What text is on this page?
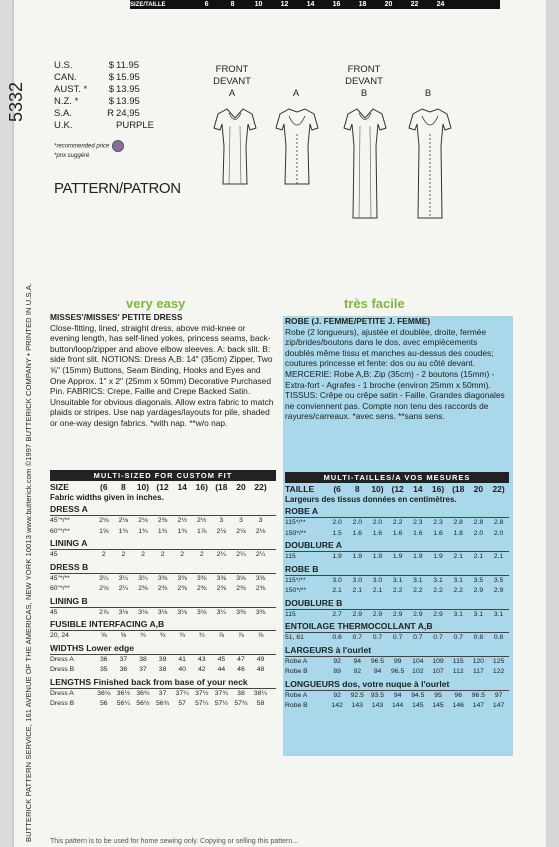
SIZE/TAILLE	6	8	10	12	14	16	18	20	22	24
5332
BUTTERICK PATTERN SERVICE, 161 AVENUE OF THE AMERICAS, NEW YORK 10013 www.butterick.com ©1997 BUTTERICK COMPANY • PRINTED IN U.S.A.
U.S.	$ 11.95
CAN.	$ 15.95
AUST. *	$ 13.95
N.Z. *	$ 13.95
S.A.	R 24,95
U.K.	PURPLE
*recommended price
*pnx suggéré
PATTERN/PATRON
FRONT
DEVANT
A	A
FRONT
DEVANT
B	B
very easy	très facile
MISSES'/MISSES' PETITE DRESS
Close-fitting, lined, straight dress, above mid-knee or evening length, has self-lined yokes, princess seams, back-button/loop/zipper and above elbow sleeves. A: back slit. B: side front slit. NOTIONS: Dress A,B: 14" (35cm) Zipper, Two ⅝" (15mm) Buttons, Seam Binding, Hooks and Eyes and One Approx. 1" x 2" (25mm x 50mm) Decorative Purchased Pin. FABRICS: Crepe, Faille and Crepe Backed Satin. Unsuitable for obvious diagonals. Allow extra fabric to match plaids or stripes. Use nap yardages/layouts for pile, shaded or one-way design fabrics. *with nap. **w/o nap.
ROBE (J. FEMME/PETITE J. FEMME)
Robe (2 longueurs), ajustée et doublée, droite, fermée zip/brides/boutons dans le dos, avec empiècements doublés même tissu et manches au-dessus des coudes; coutures princesse et fente: dos ou au côté devant.
MERCERIE: Robe A,B: Zip (35cm) - 2 boutons (15mm) - Extra-fort - Agrafes - 1 broche (environ 25mm x 50mm).
TISSUS: Crêpe ou crêpe satin - Faille. Grandes diagonales ne conviennent pas. Compte non tenu des raccords de rayures/carreaux. *avec sens. **sans sens.
MULTI-SIZED FOR CUSTOM FIT
SIZE	(6	8	10) (12	14	16) (18	20	22)
Fabric widths given in inches.
DRESS A
45"*/**	2⅛	2⅛	2⅛	2⅜	2½	2½	3	3	3
60"*/**	1⅝	1¾	1¾	1¾	1¾	1⅞	2⅛	2⅛	2⅛
LINING A
45	2	2	2	2	2	2	2¼	2¼	2¼
DRESS B
45"*/**	3¼	3¼	3¼	3⅜	3⅜	3⅜	3⅝	3⅝	3⅝
60"*/**	2⅛	2¼	2⅜	2⅜	2⅜	2⅜	2⅜	2⅜	2⅜
LINING B
45	2⅞	3⅛	3⅛	3⅛	3⅛	3⅛	3¼	3⅜	3⅜
FUSIBLE INTERFACING A,B
20, 24	⅝	⅝	¾	¾	¾	¾	⅞	⅞	⅞
WIDTHS Lower edge
Dress A	36	37	38	39	41	43	45	47	49
Dress B	35	36	37	38	40	42	44	46	48
LENGTHS Finished back from base of your neck
Dress A	36⅛ 36½ 36¾	37	37¼ 37½ 37¾	38	38¼
Dress B	56	56¼ 56½ 56¾	57	57¼ 57½ 57¾	58
MULTI-TAILLES/A VOS MESURES
TAILLE	(6	8	10) (12	14	16) (18	20	22)
Largeurs des tissus données en centimètres.
ROBE A
115*/**	2.0	2.0	2.0	2.2	2.3	2.3	2.8	2.8	2.8
150*/**	1.5	1.6	1.6	1.6	1.6	1.6	1.8	2.0	2.0
DOUBLURE A
115	1.9	1.9	1.9	1.9	1.9	1.9	2.1	2.1	2.1
ROBE B
115*/**	3.0	3.0	3.0	3.1	3.1	3.1	3.1	3.5	3.5
150*/**	2.1	2.1	2.1	2.2	2.2	2.2	2.2	2.9	2.9
DOUBLURE B
115	2.7	2.9	2.9	2.9	2.9	2.9	3.1	3.1	3.1
ENTOILAGE THERMOCOLLANT A,B
51, 61	0.6	0.7	0.7	0.7	0.7	0.7	0.7	0.8	0.8
LARGEURS à l'ourlet
Robe A	92	94	96.5	99	104	109	115	120	125
Robe B	89	92	94	96.5	102	107	112	117	122
LONGUEURS dos, votre nuque à l'ourlet
Robe A	92	92.5	93.5	94	94.5	95	96	96.5	97
Robe B	142	143	143	144	145	145	146	147	147
This pattern is to be used for home sewing only. Copying or selling this pattern...
